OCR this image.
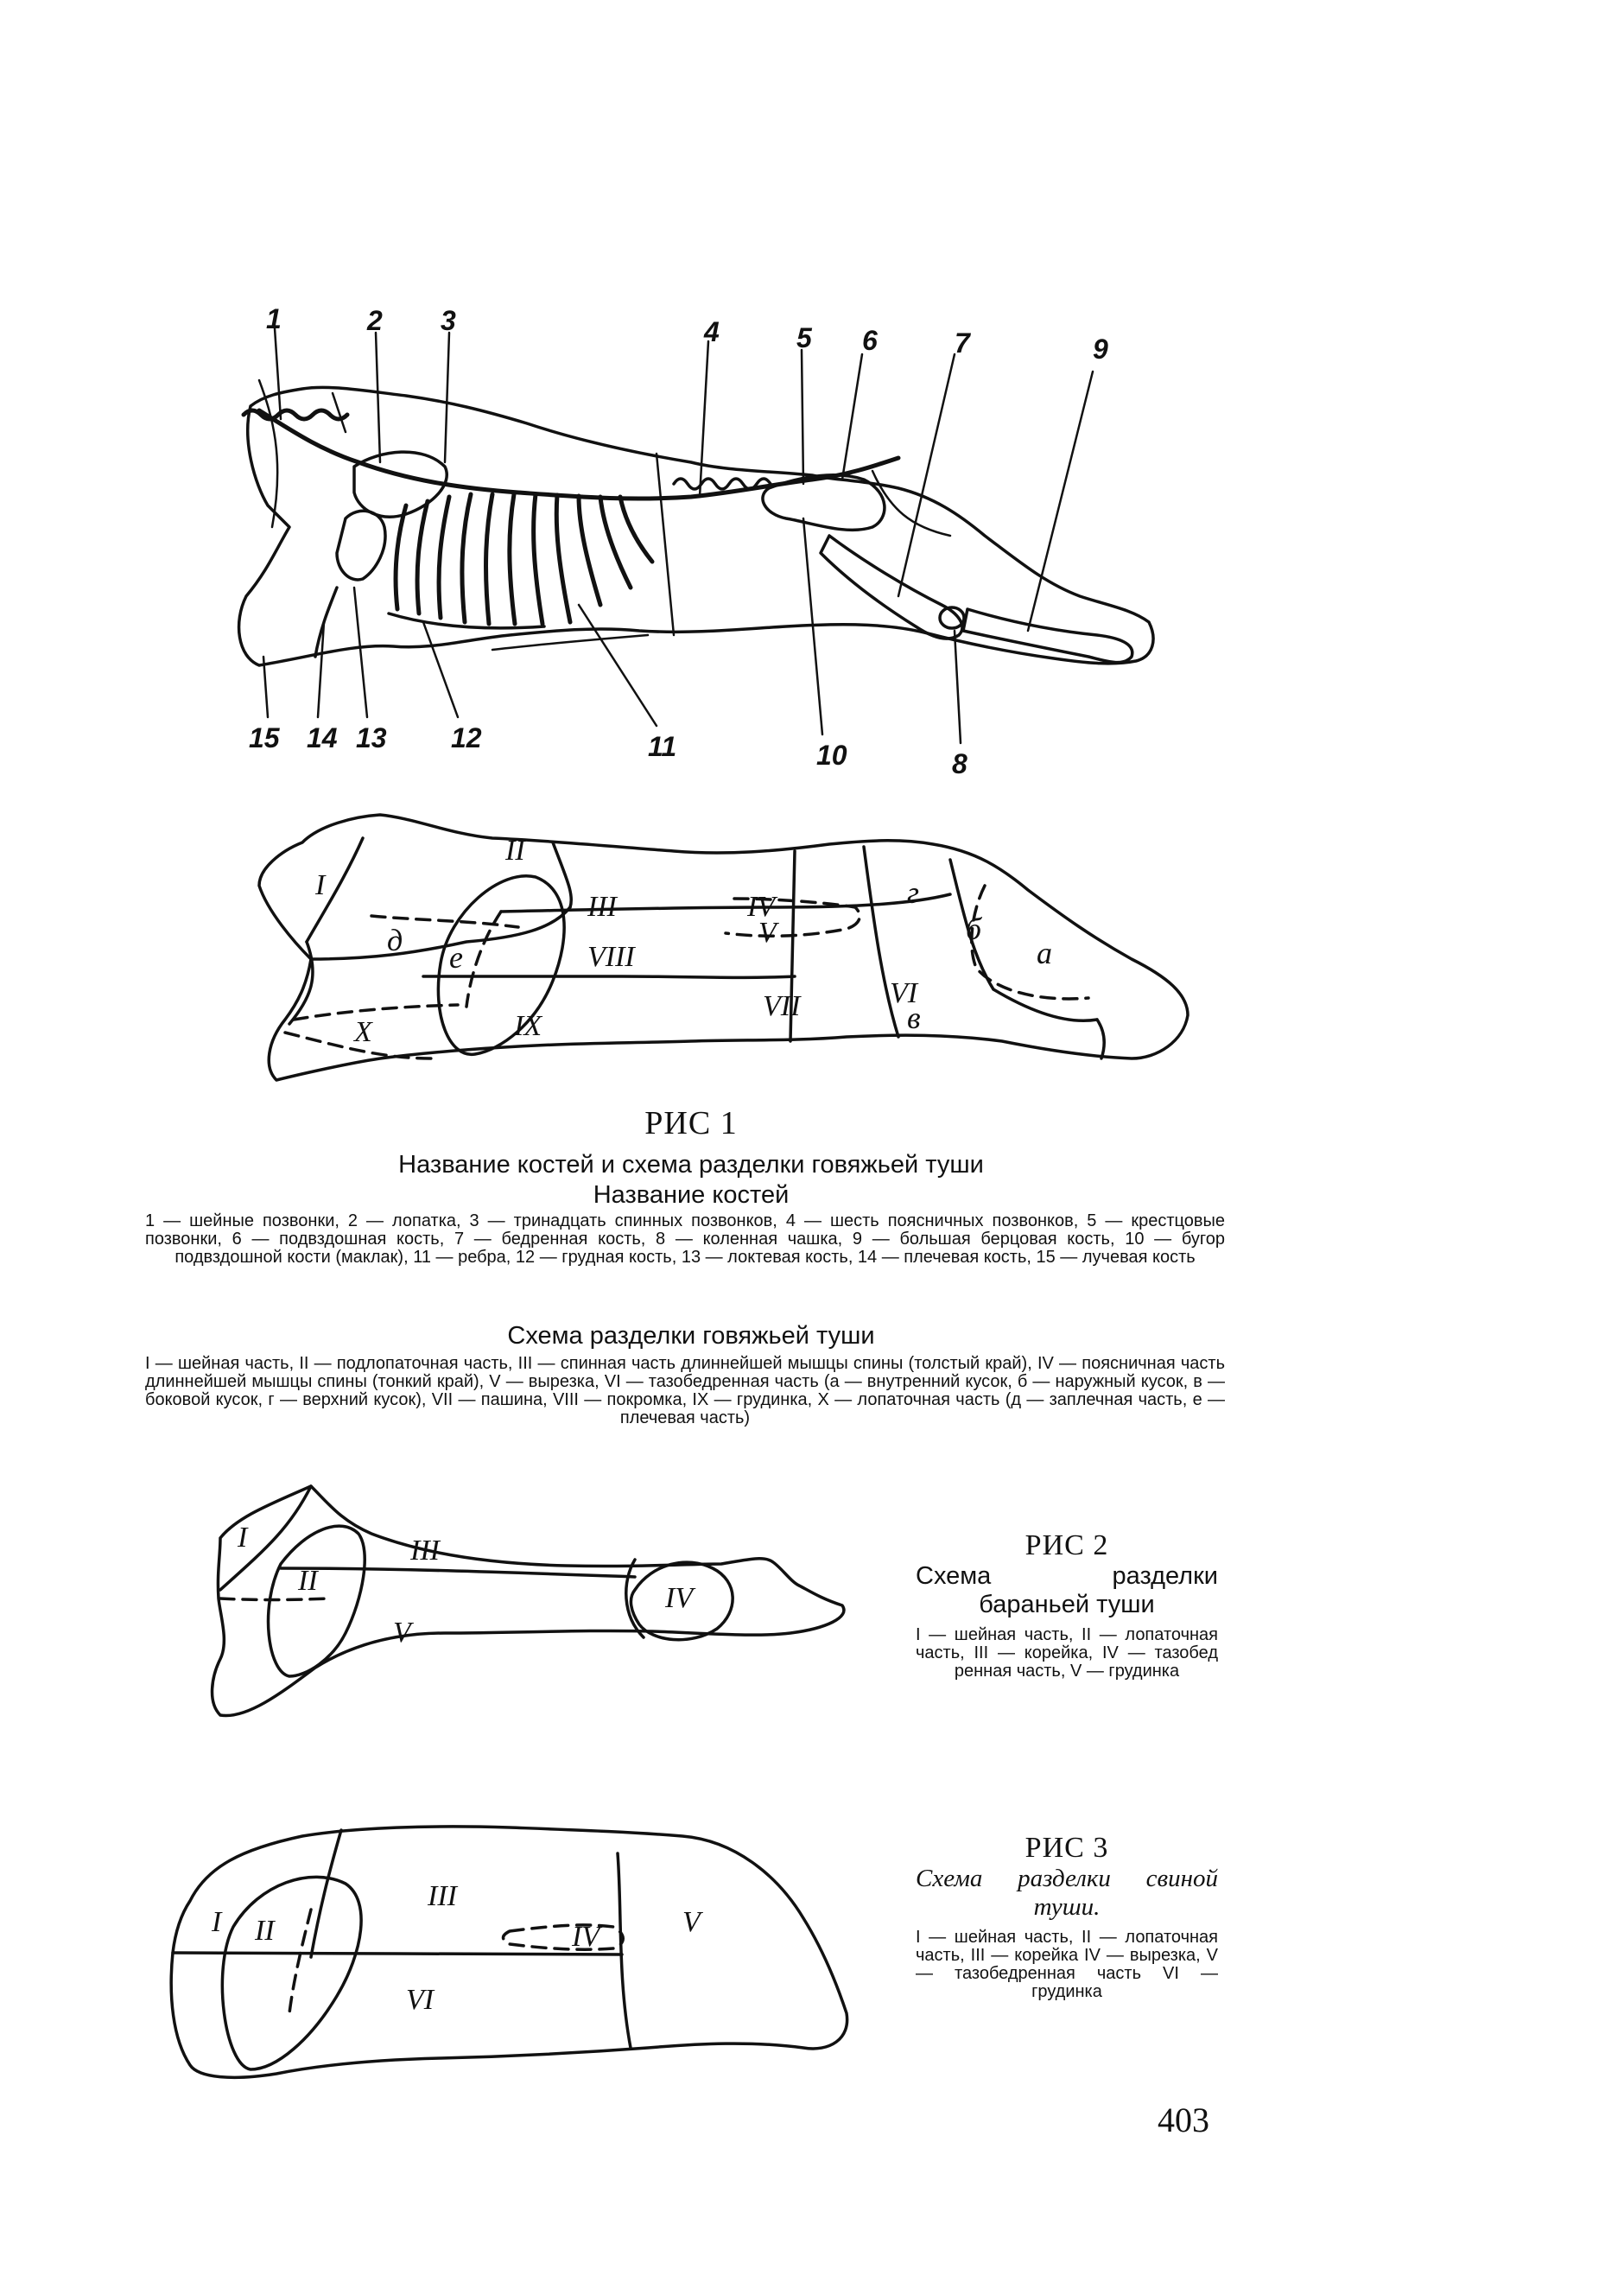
1	2 3	4	5 6	7	9
15 14 13 12	11	10	8
I
II
III	IV
V
VI
VII
VIII
IX
X
а
б
в
г
д е
РИС 1
Название костей и схема разделки говяжьей туши
Название костей
1 — шейные позвонки, 2 — лопатка, 3 — тринадцать спинных позвонков, 4 — шесть поясничных позвонков, 5 — крестцовые позвонки, 6 — подвздошная кость, 7 — бедренная кость, 8 — коленная чашка, 9 — большая берцовая кость, 10 — бугор подвздошной кости (маклак), 11 — ребра, 12 — грудная кость, 13 — локтевая кость, 14 — плечевая кость, 15 — лучевая кость
Схема разделки говяжьей туши
I — шейная часть, II — подлопаточная часть, III — спинная часть длиннейшей мышцы спины (толстый край), IV — поясничная часть длиннейшей мышцы спины (тонкий край), V — вырезка, VI — тазобедренная часть (а — внутренний кусок, б — наружный кусок, в — боковой кусок, г — верхний кусок), VII — пашина, VIII — покромка, IX — грудинка, X — лопаточная часть (д — заплечная часть, е — плечевая часть)
I
II
III
IV
V
РИС 2
Схема разделки бараньей туши
I — шейная часть, II — лопаточная часть, III — корейка, IV — тазобед ренная часть, V — грудинка
I II
III
IV	V
VI
РИС 3
Схема разделки свиной туши.
I — шейная часть, II — лопаточная часть, III — корейка IV — вырезка, V — тазобедренная часть VI — грудинка
403
